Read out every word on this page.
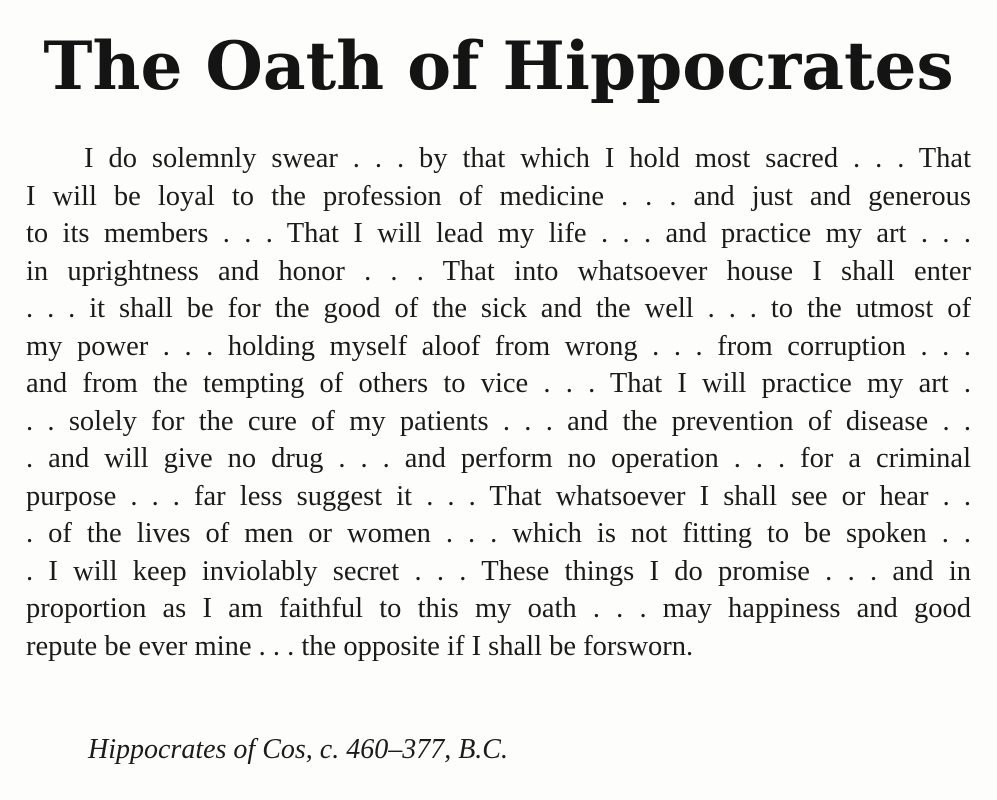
The Oath of Hippocrates
I do solemnly swear . . . by that which I hold most sacred . . . That
I will be loyal to the profession of medicine . . . and just and generous
to its members . . . That I will lead my life . . . and practice my art . . .
in uprightness and honor . . . That into whatsoever house I shall enter
. . . it shall be for the good of the sick and the well . . . to the utmost of
my power . . . holding myself aloof from wrong . . . from corruption . . .
and from the tempting of others to vice . . . That I will practice my art .
. . solely for the cure of my patients . . . and the prevention of disease . .
. and will give no drug . . . and perform no operation . . . for a criminal
purpose . . . far less suggest it . . . That whatsoever I shall see or hear . .
. of the lives of men or women . . . which is not fitting to be spoken . .
. I will keep inviolably secret . . . These things I do promise . . . and in
proportion as I am faithful to this my oath . . . may happiness and good
repute be ever mine . . . the opposite if I shall be forsworn.

Hippocrates of Cos, c. 460–377, B.C.
